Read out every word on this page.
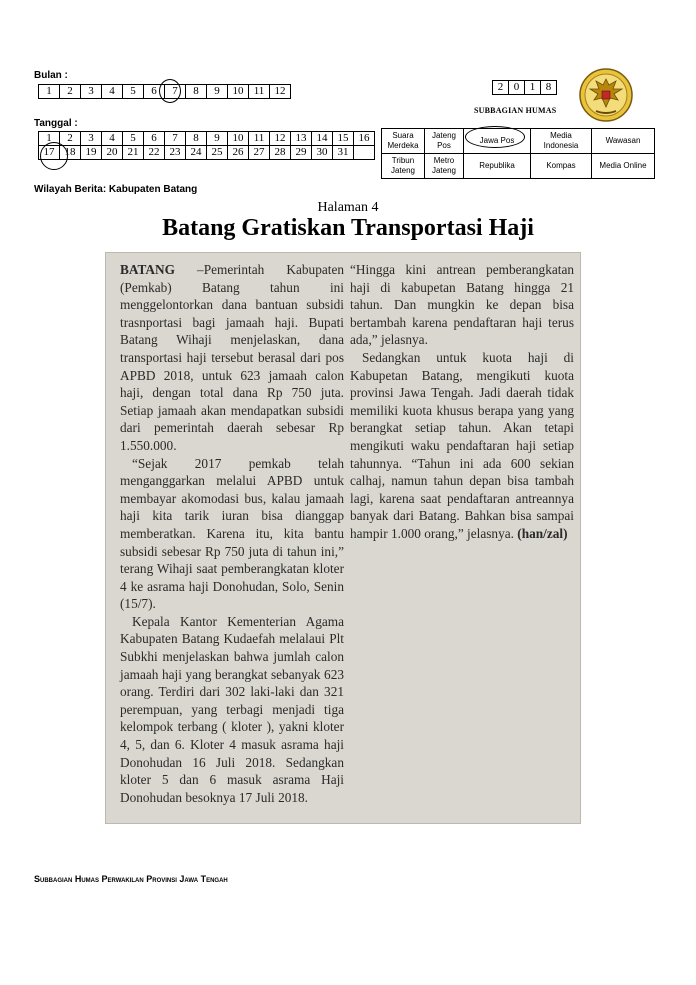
Bulan :
1	2	3	4	5	6	7	8	9	10	11	12
Tanggal :
1	2	3	4	5	6	7	8	9	10	11	12	13	14	15	16
17	18	19	20	21	22	23	24	25	26	27	28	29	30	31	
2	0	1	8
SUBBAGIAN HUMAS
Suara Merdeka	Jateng Pos	Jawa Pos	Media Indonesia	Wawasan
Tribun Jateng	Metro Jateng	Republika	Kompas	Media Online
Wilayah Berita: Kabupaten Batang
Halaman 4
Batang Gratiskan Transportasi Haji

BATANG –Pemerintah Kabupaten (Pemkab) Batang tahun ini menggelontorkan dana bantuan subsidi trasnportasi bagi jamaah haji. Bupati Batang Wihaji menjelaskan, dana transportasi haji tersebut berasal dari pos APBD 2018, untuk 623 jamaah calon haji, dengan total dana Rp 750 juta. Setiap jamaah akan mendapatkan subsidi dari pemerintah daerah sebesar Rp 1.550.000.

“Sejak 2017 pemkab telah menganggarkan melalui APBD untuk membayar akomodasi bus, kalau jamaah haji kita tarik iuran bisa dianggap memberatkan. Karena itu, kita bantu subsidi sebesar Rp 750 juta di tahun ini,” terang Wihaji saat pemberangkatan kloter 4 ke asrama haji Donohudan, Solo, Senin (15/7).

Kepala Kantor Kementerian Agama Kabupaten Batang Kudaefah melalaui Plt Subkhi menjelaskan bahwa jumlah calon jamaah haji yang berangkat sebanyak 623 orang. Terdiri dari 302 laki-laki dan 321 perempuan, yang terbagi menjadi tiga kelompok terbang ( kloter ), yakni kloter 4, 5, dan 6. Kloter 4 masuk asrama haji Donohudan 16 Juli 2018. Sedangkan kloter 5 dan 6 masuk asrama Haji Donohudan besoknya 17 Juli 2018.

“Hingga kini antrean pemberangkatan haji di kabupetan Batang hingga 21 tahun. Dan mungkin ke depan bisa bertambah karena pendaftaran haji terus ada,” jelasnya.

Sedangkan untuk kuota haji di Kabupetan Batang, mengikuti kuota provinsi Jawa Tengah. Jadi daerah tidak memiliki kuota khusus berapa yang yang berangkat setiap tahun. Akan tetapi mengikuti waku pendaftaran haji setiap tahunnya. “Tahun ini ada 600 sekian calhaj, namun tahun depan bisa tambah lagi, karena saat pendaftaran antreannya banyak dari Batang. Bahkan bisa sampai hampir 1.000 orang,” jelasnya. (han/zal)

Subbagian Humas Perwakilan Provinsi Jawa Tengah
